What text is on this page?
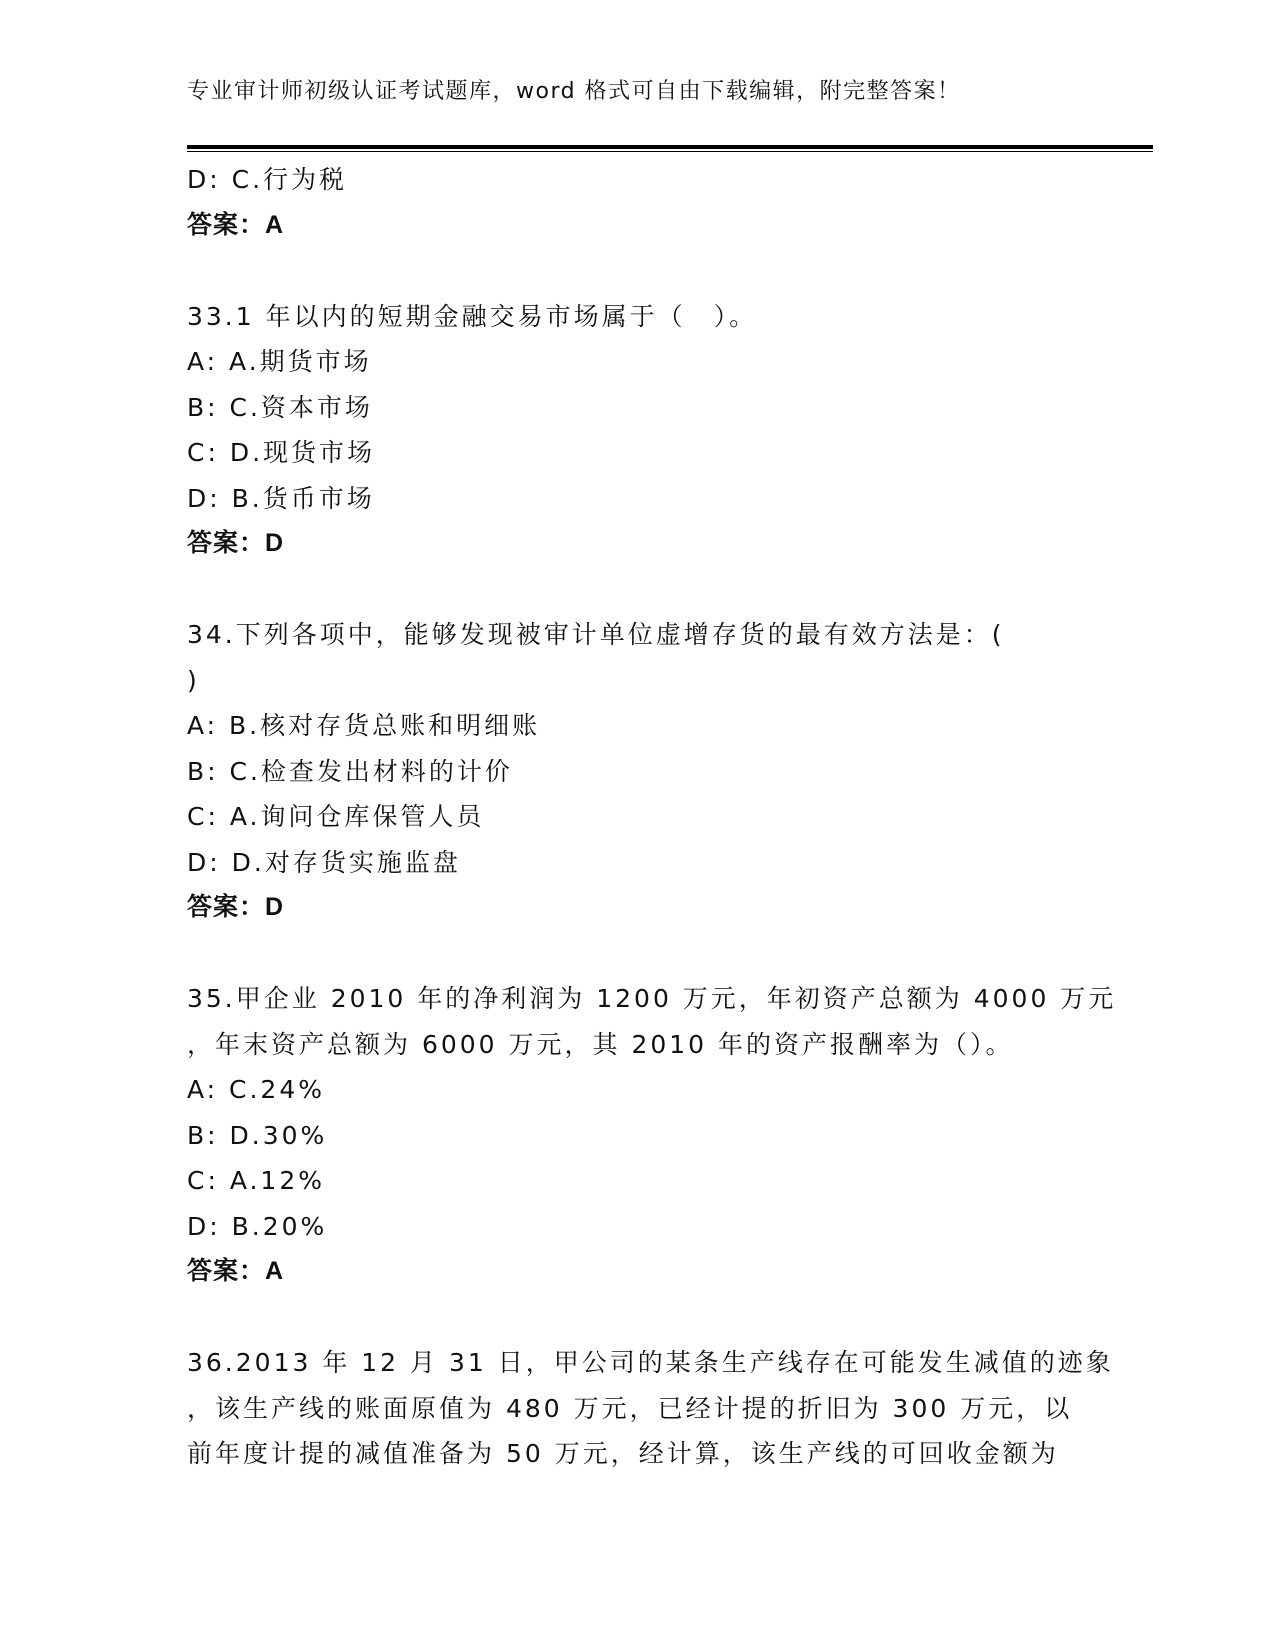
专业审计师初级认证考试题库，word 格式可自由下载编辑，附完整答案！
D: C.行为税
答案：A
33.1 年以内的短期金融交易市场属于（　）。
A: A.期货市场
B: C.资本市场
C: D.现货市场
D: B.货币市场
答案：D
34.下列各项中，能够发现被审计单位虚增存货的最有效方法是：(
)
A: B.核对存货总账和明细账
B: C.检查发出材料的计价
C: A.询问仓库保管人员
D: D.对存货实施监盘
答案：D
35.甲企业 2010 年的净利润为 1200 万元，年初资产总额为 4000 万元
，年末资产总额为 6000 万元，其 2010 年的资产报酬率为（）。
A: C.24%
B: D.30%
C: A.12%
D: B.20%
答案：A
36.2013 年 12 月 31 日，甲公司的某条生产线存在可能发生减值的迹象
，该生产线的账面原值为 480 万元，已经计提的折旧为 300 万元，以
前年度计提的减值准备为 50 万元，经计算，该生产线的可回收金额为
